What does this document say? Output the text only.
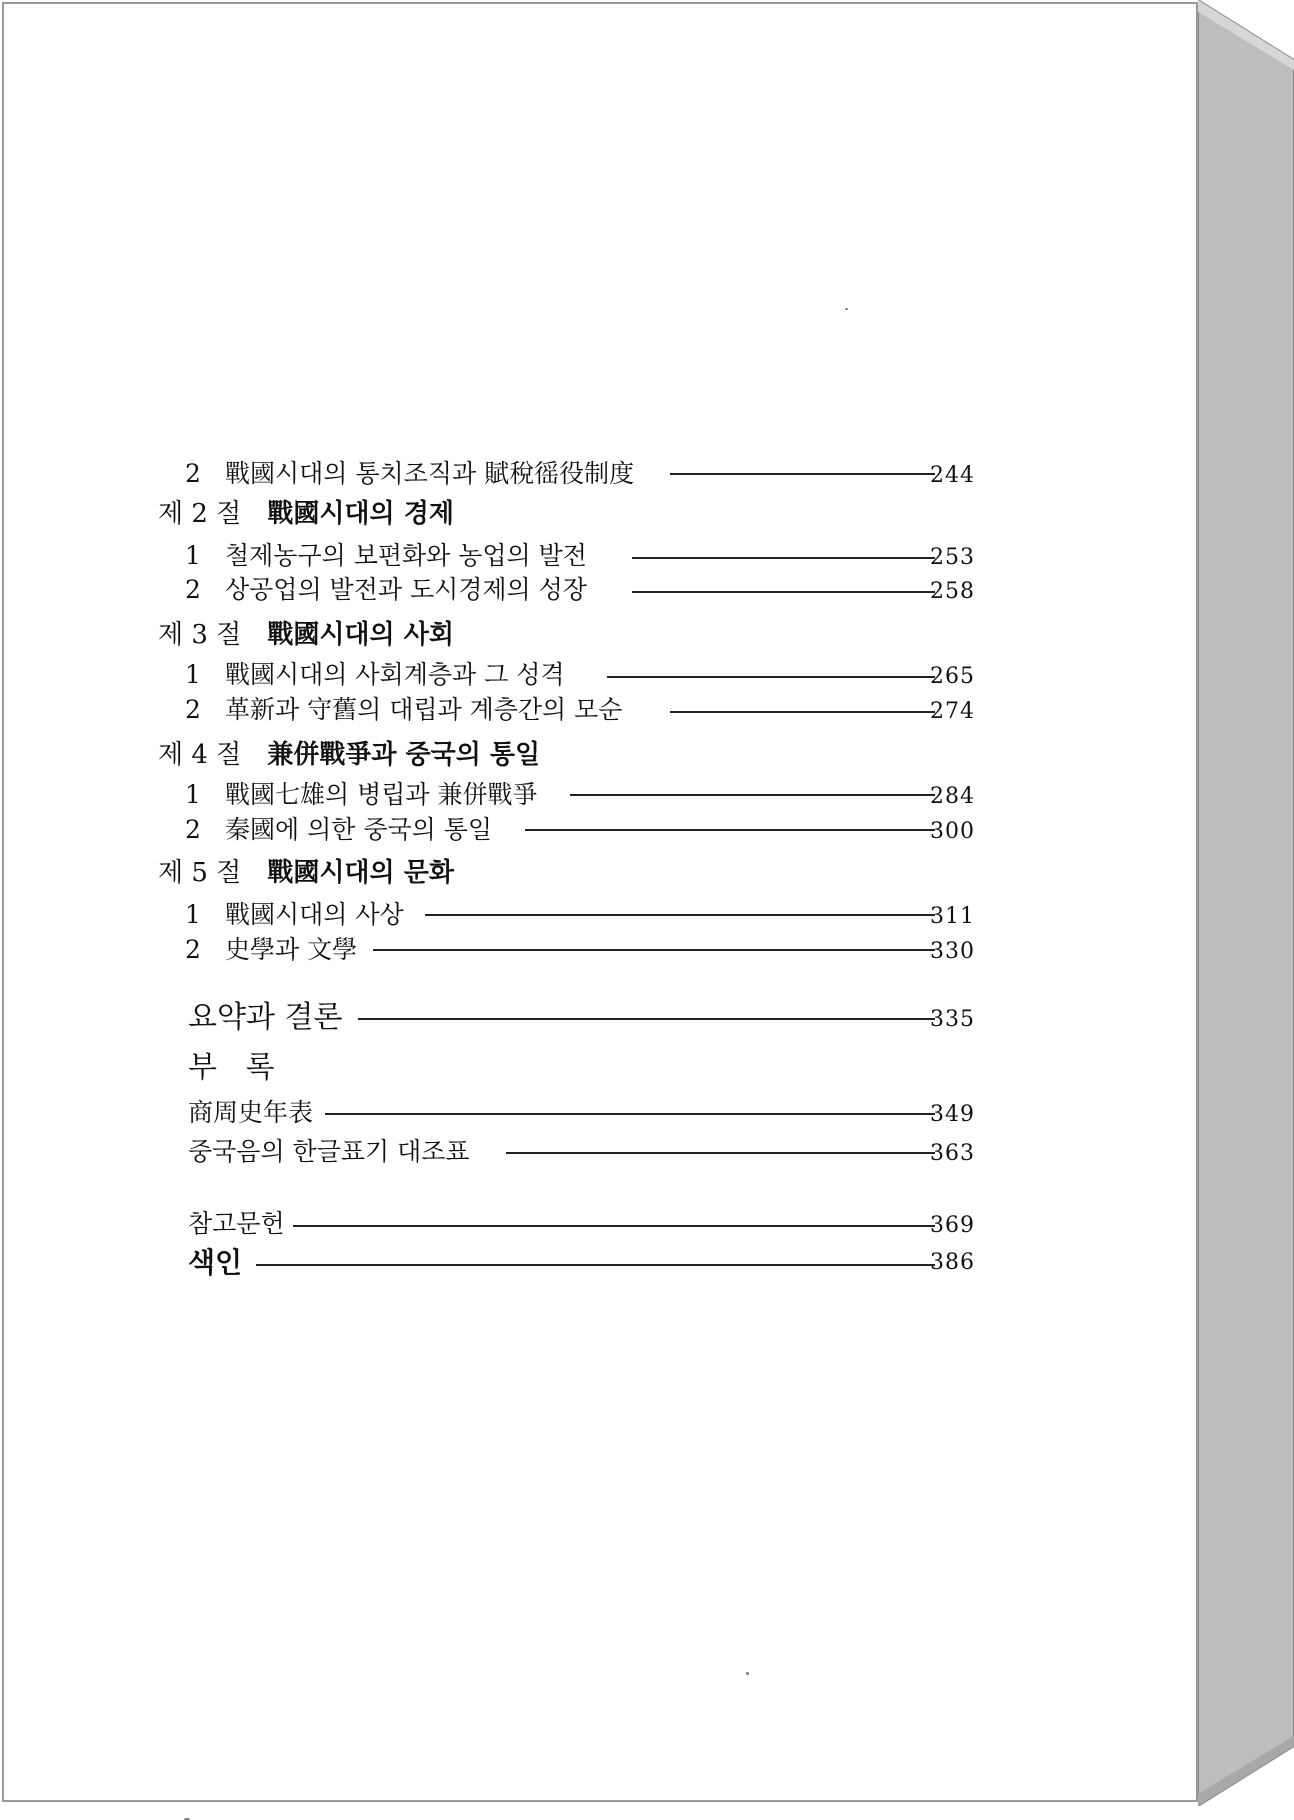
2 戰國시대의 통치조직과 賦稅徭役制度	244
제 2 절 戰國시대의 경제
1 철제농구의 보편화와 농업의 발전	253
2 상공업의 발전과 도시경제의 성장	258
제 3 절 戰國시대의 사회
1 戰國시대의 사회계층과 그 성격	265
2 革新과 守舊의 대립과 계층간의 모순	274
제 4 절 兼併戰爭과 중국의 통일
1 戰國七雄의 병립과 兼併戰爭	284
2 秦國에 의한 중국의 통일	300
제 5 절 戰國시대의 문화
1 戰國시대의 사상	311
2 史學과 文學	330
요약과 결론	335
부   록
商周史年表	349
중국음의 한글표기 대조표	363
참고문헌	369
색인	386
